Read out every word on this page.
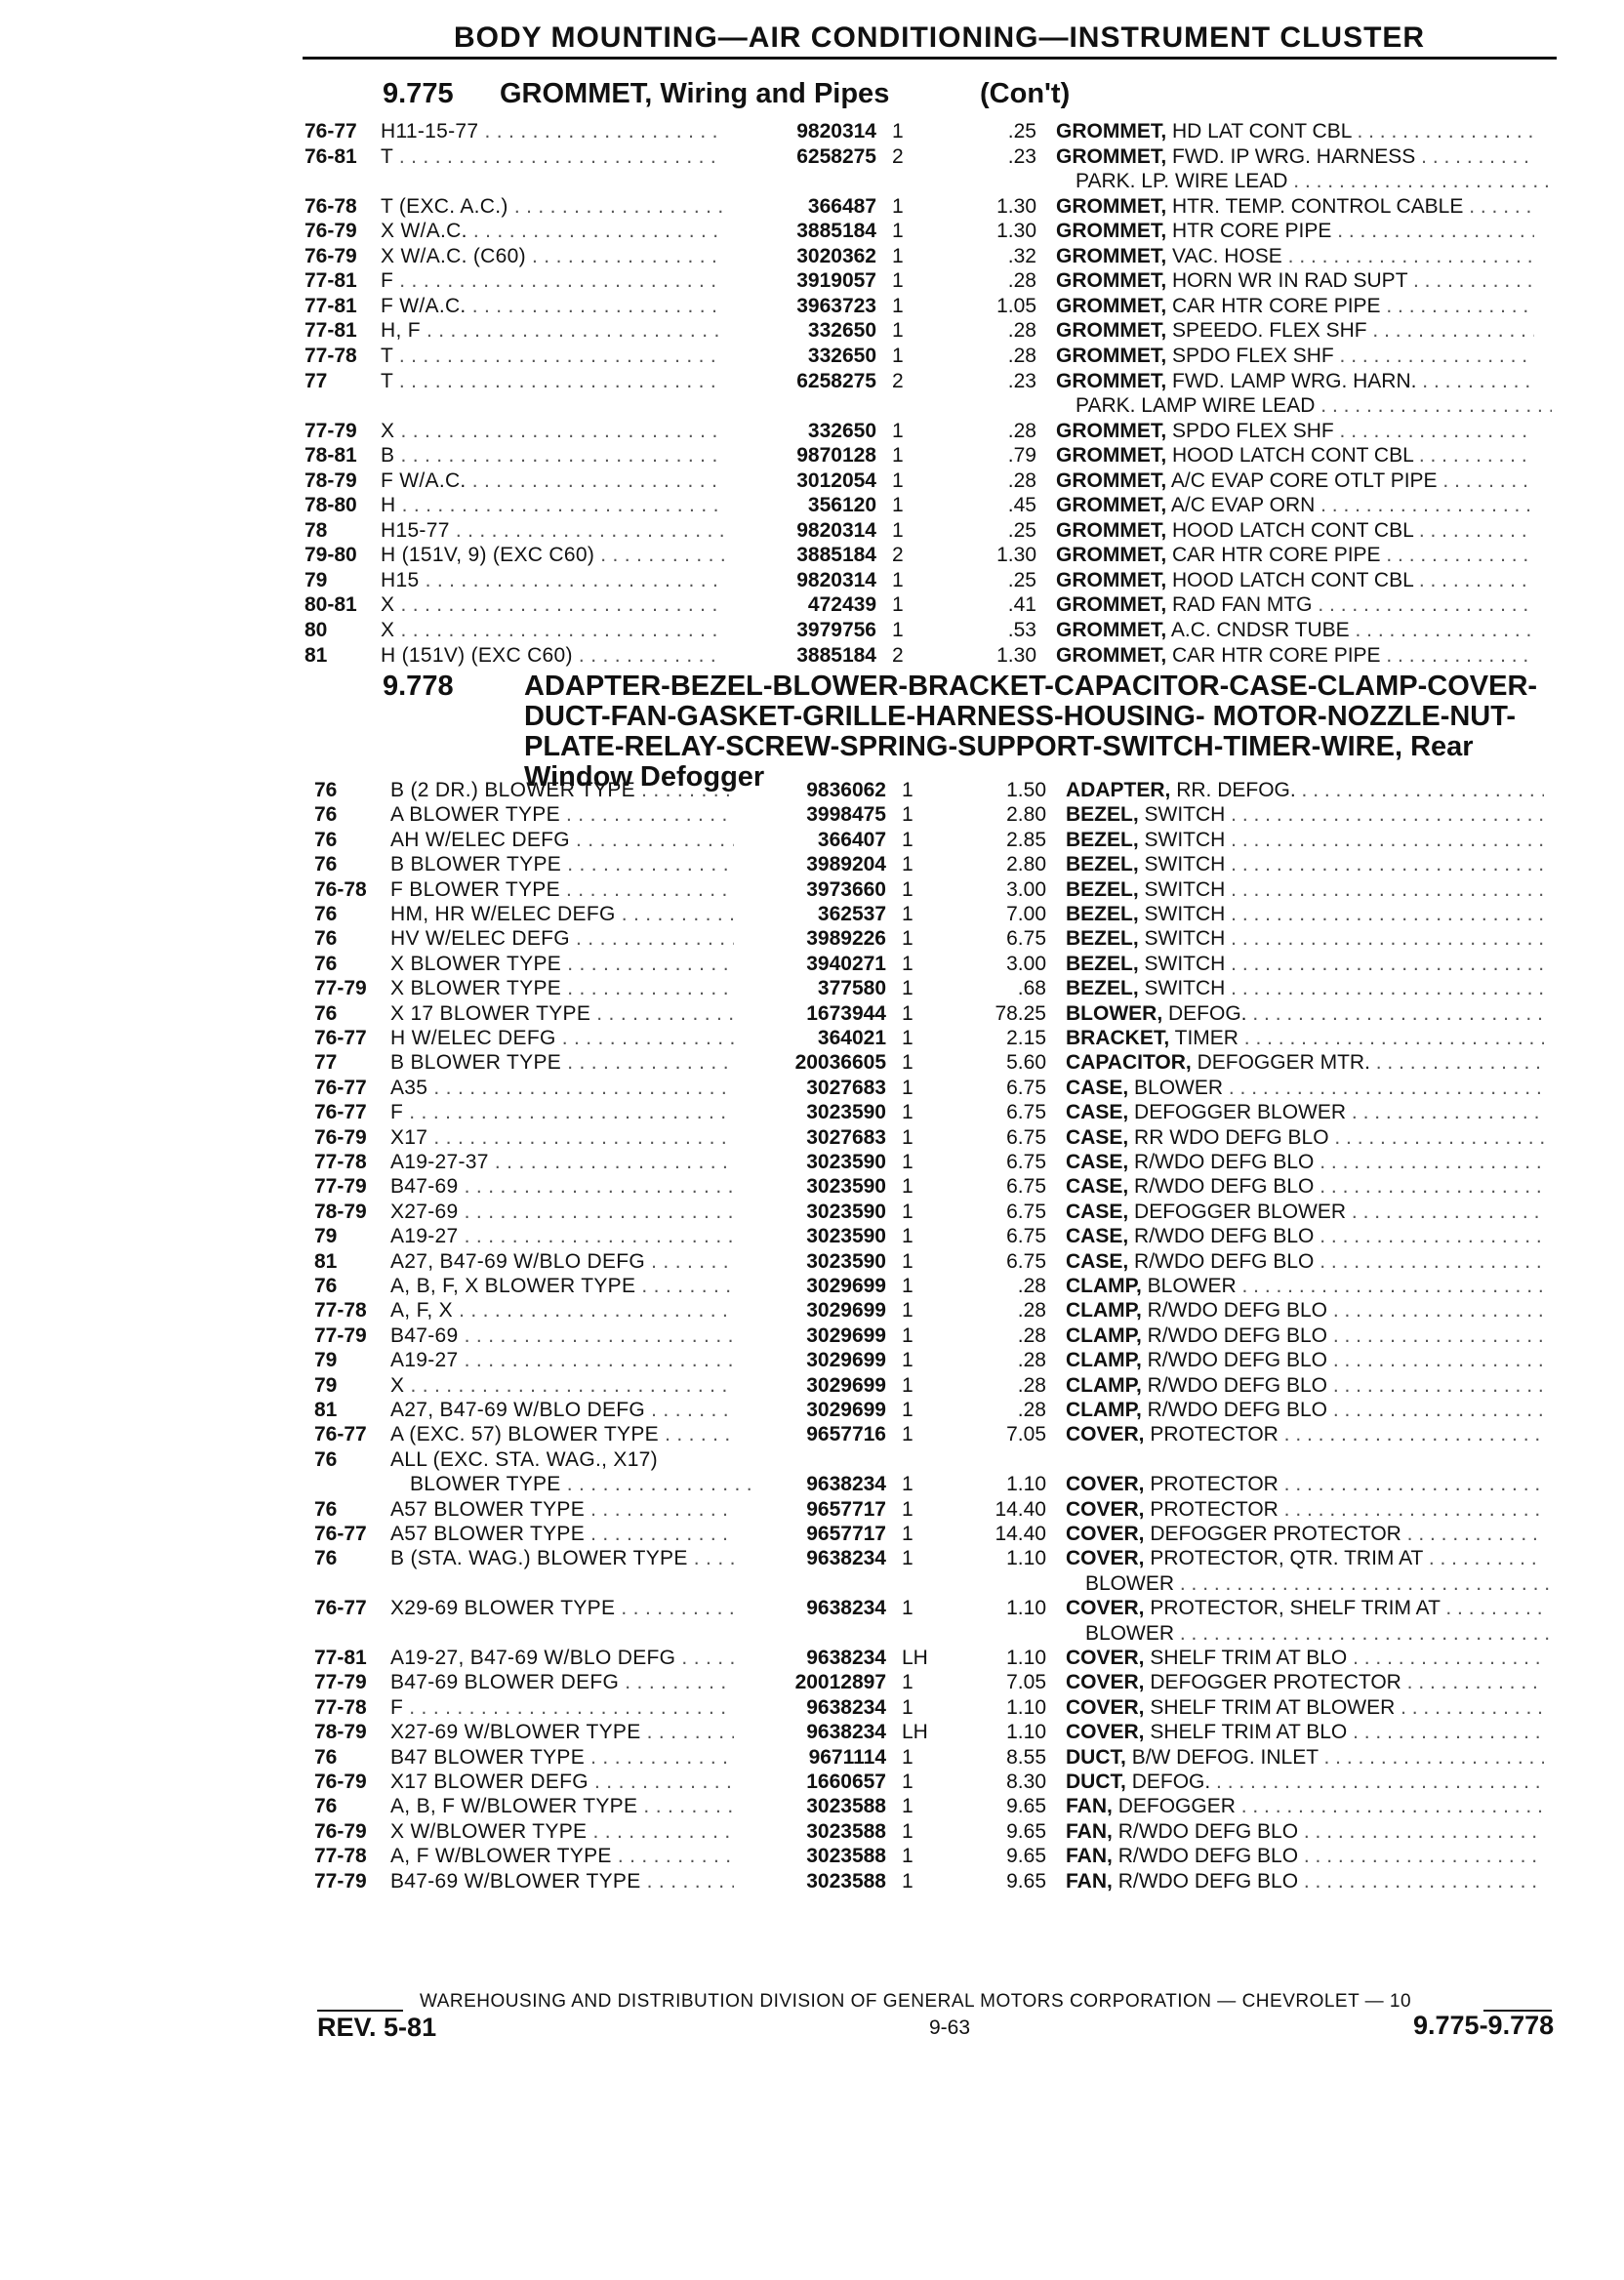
BODY MOUNTING—AIR CONDITIONING—INSTRUMENT CLUSTER
9.775 GROMMET, Wiring and Pipes	(Con't)
9.778 ADAPTER-BEZEL-BLOWER-BRACKET-CAPACITOR-CASE-CLAMP-COVER-DUCT-FAN-GASKET-GRILLE-HARNESS-HOUSING- MOTOR-NOZZLE-NUT-PLATE-RELAY-SCREW-SPRING-SUPPORT-SWITCH-TIMER-WIRE, Rear Window Defogger
76-77	H11-15-77 . . .	9820314 1	.25 GROMMET, HD LAT CONT CBL . . .
76-81	T . . .	6258275 2	.23 GROMMET, FWD. IP WRG. HARNESS . . .
PARK. LP. WIRE LEAD . . .
76-78	T (EXC. A.C.) . . .	366487 1	1.30 GROMMET, HTR. TEMP. CONTROL CABLE . . .
76-79	X W/A.C. . . .	3885184 1	1.30 GROMMET, HTR CORE PIPE . . .
76-79	X W/A.C. (C60) . . .	3020362 1	.32 GROMMET, VAC. HOSE . . .
77-81	F . . .	3919057 1	.28 GROMMET, HORN WR IN RAD SUPT . . .
77-81	F W/A.C. . . .	3963723 1	1.05 GROMMET, CAR HTR CORE PIPE . . .
77-81	H, F . . .	332650 1	.28 GROMMET, SPEEDO. FLEX SHF . . .
77-78	T . . .	332650 1	.28 GROMMET, SPDO FLEX SHF . . .
77	T . . .	6258275 2	.23 GROMMET, FWD. LAMP WRG. HARN. . . .
PARK. LAMP WIRE LEAD . . .
77-79	X . . .	332650 1	.28 GROMMET, SPDO FLEX SHF . . .
78-81	B . . .	9870128 1	.79 GROMMET, HOOD LATCH CONT CBL . . .
78-79	F W/A.C. . . .	3012054 1	.28 GROMMET, A/C EVAP CORE OTLT PIPE . . .
78-80	H . . .	356120 1	.45 GROMMET, A/C EVAP ORN . . .
78	H15-77 . . .	9820314 1	.25 GROMMET, HOOD LATCH CONT CBL . . .
79-80	H (151V, 9) (EXC C60) . . .	3885184 2	1.30 GROMMET, CAR HTR CORE PIPE . . .
79	H15 . . .	9820314 1	.25 GROMMET, HOOD LATCH CONT CBL . . .
80-81	X . . .	472439 1	.41 GROMMET, RAD FAN MTG . . .
80	X . . .	3979756 1	.53 GROMMET, A.C. CNDSR TUBE . . .
81	H (151V) (EXC C60) . . .	3885184 2	1.30 GROMMET, CAR HTR CORE PIPE . . .
76	B (2 DR.) BLOWER TYPE . . .	9836062 1	1.50 ADAPTER, RR. DEFOG. . . .
76	A BLOWER TYPE . . .	3998475 1	2.80 BEZEL, SWITCH . . .
76	AH W/ELEC DEFG . . .	366407 1	2.85 BEZEL, SWITCH . . .
76	B BLOWER TYPE . . .	3989204 1	2.80 BEZEL, SWITCH . . .
76-78	F BLOWER TYPE . . .	3973660 1	3.00 BEZEL, SWITCH . . .
76	HM, HR W/ELEC DEFG . . .	362537 1	7.00 BEZEL, SWITCH . . .
76	HV W/ELEC DEFG . . .	3989226 1	6.75 BEZEL, SWITCH . . .
76	X BLOWER TYPE . . .	3940271 1	3.00 BEZEL, SWITCH . . .
77-79	X BLOWER TYPE . . .	377580 1	.68 BEZEL, SWITCH . . .
76	X 17 BLOWER TYPE . . .	1673944 1	78.25 BLOWER, DEFOG. . . .
76-77	H W/ELEC DEFG . . .	364021 1	2.15 BRACKET, TIMER . . .
77	B BLOWER TYPE . . .	20036605 1	5.60 CAPACITOR, DEFOGGER MTR. . . .
76-77	A35 . . .	3027683 1	6.75 CASE, BLOWER . . .
76-77	F . . .	3023590 1	6.75 CASE, DEFOGGER BLOWER . . .
76-79	X17 . . .	3027683 1	6.75 CASE, RR WDO DEFG BLO . . .
77-78	A19-27-37 . . .	3023590 1	6.75 CASE, R/WDO DEFG BLO . . .
77-79	B47-69 . . .	3023590 1	6.75 CASE, R/WDO DEFG BLO . . .
78-79	X27-69 . . .	3023590 1	6.75 CASE, DEFOGGER BLOWER . . .
79	A19-27 . . .	3023590 1	6.75 CASE, R/WDO DEFG BLO . . .
81	A27, B47-69 W/BLO DEFG . . .	3023590 1	6.75 CASE, R/WDO DEFG BLO . . .
76	A, B, F, X BLOWER TYPE . . .	3029699 1	.28 CLAMP, BLOWER . . .
77-78	A, F, X . . .	3029699 1	.28 CLAMP, R/WDO DEFG BLO . . .
77-79	B47-69 . . .	3029699 1	.28 CLAMP, R/WDO DEFG BLO . . .
79	A19-27 . . .	3029699 1	.28 CLAMP, R/WDO DEFG BLO . . .
79	X . . .	3029699 1	.28 CLAMP, R/WDO DEFG BLO . . .
81	A27, B47-69 W/BLO DEFG . . .	3029699 1	.28 CLAMP, R/WDO DEFG BLO . . .
76-77	A (EXC. 57) BLOWER TYPE . . .	9657716 1	7.05 COVER, PROTECTOR . . .
76	ALL (EXC. STA. WAG., X17)
BLOWER TYPE . . .	9638234 1	1.10 COVER, PROTECTOR . . .
76	A57 BLOWER TYPE . . .	9657717 1	14.40 COVER, PROTECTOR . . .
76-77	A57 BLOWER TYPE . . .	9657717 1	14.40 COVER, DEFOGGER PROTECTOR . . .
76	B (STA. WAG.) BLOWER TYPE . . .	9638234 1	1.10 COVER, PROTECTOR, QTR. TRIM AT . . .
BLOWER . . .
76-77	X29-69 BLOWER TYPE . . .	9638234 1	1.10 COVER, PROTECTOR, SHELF TRIM AT . . .
BLOWER . . .
77-81	A19-27, B47-69 W/BLO DEFG . . .	9638234 LH	1.10 COVER, SHELF TRIM AT BLO . . .
77-79	B47-69 BLOWER DEFG . . .	20012897 1	7.05 COVER, DEFOGGER PROTECTOR . . .
77-78	F . . .	9638234 1	1.10 COVER, SHELF TRIM AT BLOWER . . .
78-79	X27-69 W/BLOWER TYPE . . .	9638234 LH	1.10 COVER, SHELF TRIM AT BLO . . .
76	B47 BLOWER TYPE . . .	9671114 1	8.55 DUCT, B/W DEFOG. INLET . . .
76-79	X17 BLOWER DEFG . . .	1660657 1	8.30 DUCT, DEFOG. . . .
76	A, B, F W/BLOWER TYPE . . .	3023588 1	9.65 FAN, DEFOGGER . . .
76-79	X W/BLOWER TYPE . . .	3023588 1	9.65 FAN, R/WDO DEFG BLO . . .
77-78	A, F W/BLOWER TYPE . . .	3023588 1	9.65 FAN, R/WDO DEFG BLO . . .
77-79	B47-69 W/BLOWER TYPE . . .	3023588 1	9.65 FAN, R/WDO DEFG BLO . . .
WAREHOUSING AND DISTRIBUTION DIVISION OF GENERAL MOTORS CORPORATION — CHEVROLET — 10
REV. 5-81	9-63	9.775-9.778
